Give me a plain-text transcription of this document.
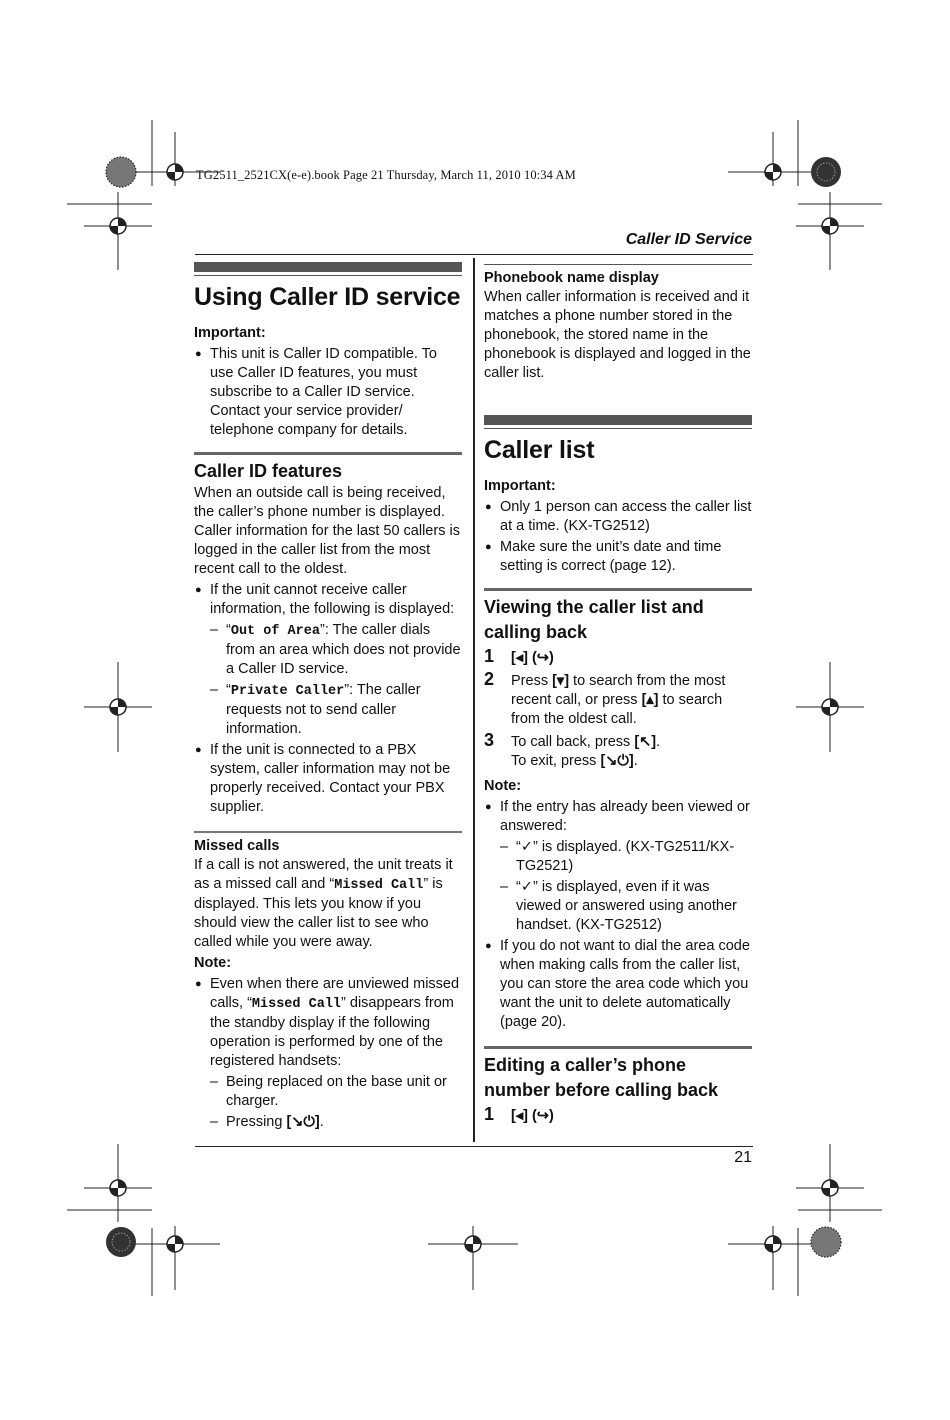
TG2511_2521CX(e-e).book Page 21 Thursday, March 11, 2010 10:34 AM
Caller ID Service
21
Using Caller ID service
Important:
● This unit is Caller ID compatible. To use Caller ID features, you must subscribe to a Caller ID service. Contact your service provider/ telephone company for details.
Caller ID features

When an outside call is being received, the caller’s phone number is displayed. Caller information for the last 50 callers is logged in the caller list from the most recent call to the oldest.

● If the unit cannot receive caller information, the following is displayed:
– “Out of Area”: The caller dials from an area which does not provide a Caller ID service.
– “Private Caller”: The caller requests not to send caller information.
● If the unit is connected to a PBX system, caller information may not be properly received. Contact your PBX supplier.
Missed calls

If a call is not answered, the unit treats it as a missed call and “Missed Call” is displayed. This lets you know if you should view the caller list to see who called while you were away.

Note:
● Even when there are unviewed missed calls, “Missed Call” disappears from the standby display if the following operation is performed by one of the registered handsets:
– Being replaced on the base unit or charger.
– Pressing [↘⏻].
Phonebook name display

When caller information is received and it matches a phone number stored in the phonebook, the stored name in the phonebook is displayed and logged in the caller list.

Caller list
Important:
● Only 1 person can access the caller list at a time. (KX-TG2512)
● Make sure the unit’s date and time setting is correct (page 12).
Viewing the caller list and calling back
1 [◂] (↪)
2 Press [▾] to search from the most recent call, or press [▴] to search from the oldest call.
3 To call back, press [↖].
To exit, press [↘⏻].
Note:
● If the entry has already been viewed or answered:
– “✓” is displayed. (KX-TG2511/KX-TG2521)
– “✓” is displayed, even if it was viewed or answered using another handset. (KX-TG2512)
● If you do not want to dial the area code when making calls from the caller list, you can store the area code which you want the unit to delete automatically (page 20).
Editing a caller’s phone number before calling back
1 [◂] (↪)
